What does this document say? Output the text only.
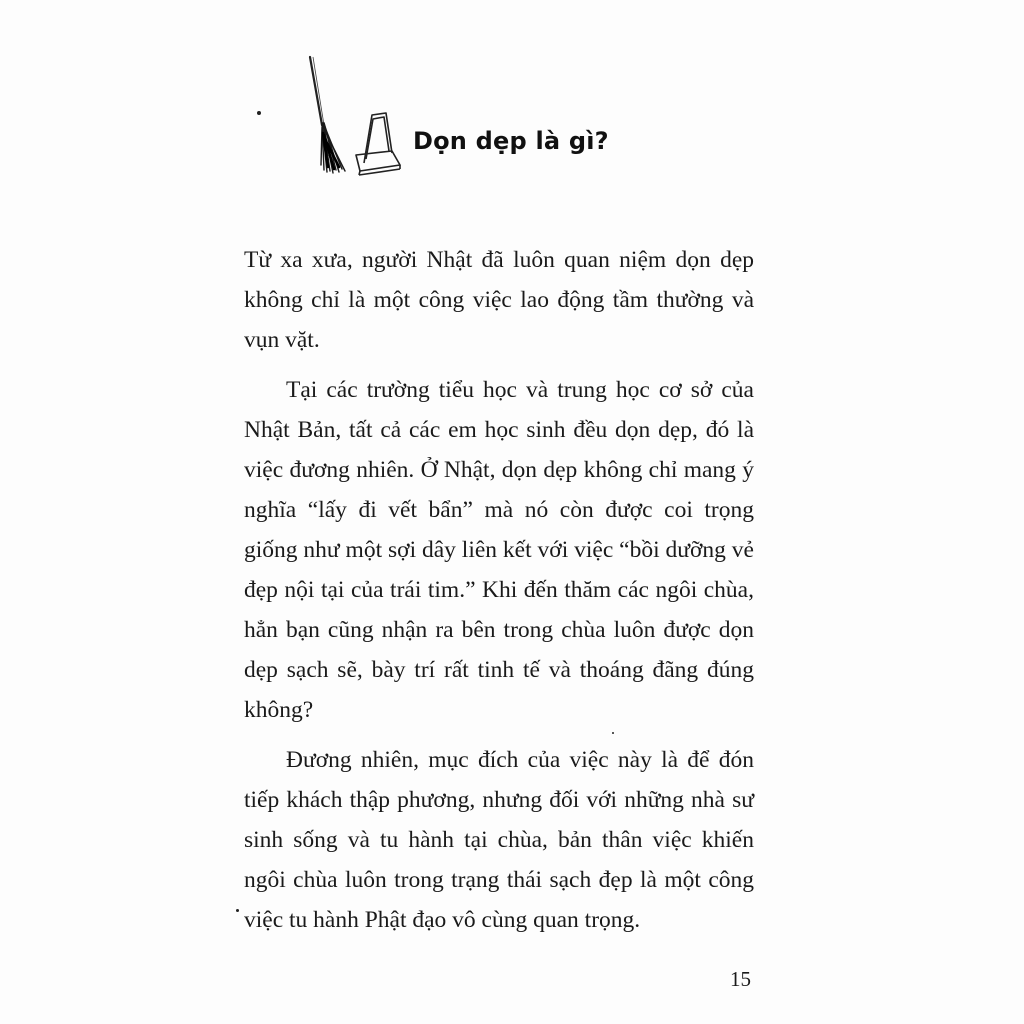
Dọn dẹp là gì?

Từ xa xưa, người Nhật đã luôn quan niệm dọn dẹp không chỉ là một công việc lao động tầm thường và vụn vặt.

Tại các trường tiểu học và trung học cơ sở của Nhật Bản, tất cả các em học sinh đều dọn dẹp, đó là việc đương nhiên. Ở Nhật, dọn dẹp không chỉ mang ý nghĩa “lấy đi vết bẩn” mà nó còn được coi trọng giống như một sợi dây liên kết với việc “bồi dưỡng vẻ đẹp nội tại của trái tim.” Khi đến thăm các ngôi chùa, hẳn bạn cũng nhận ra bên trong chùa luôn được dọn dẹp sạch sẽ, bày trí rất tinh tế và thoáng đãng đúng không?

Đương nhiên, mục đích của việc này là để đón tiếp khách thập phương, nhưng đối với những nhà sư sinh sống và tu hành tại chùa, bản thân việc khiến ngôi chùa luôn trong trạng thái sạch đẹp là một công việc tu hành Phật đạo vô cùng quan trọng.

15
